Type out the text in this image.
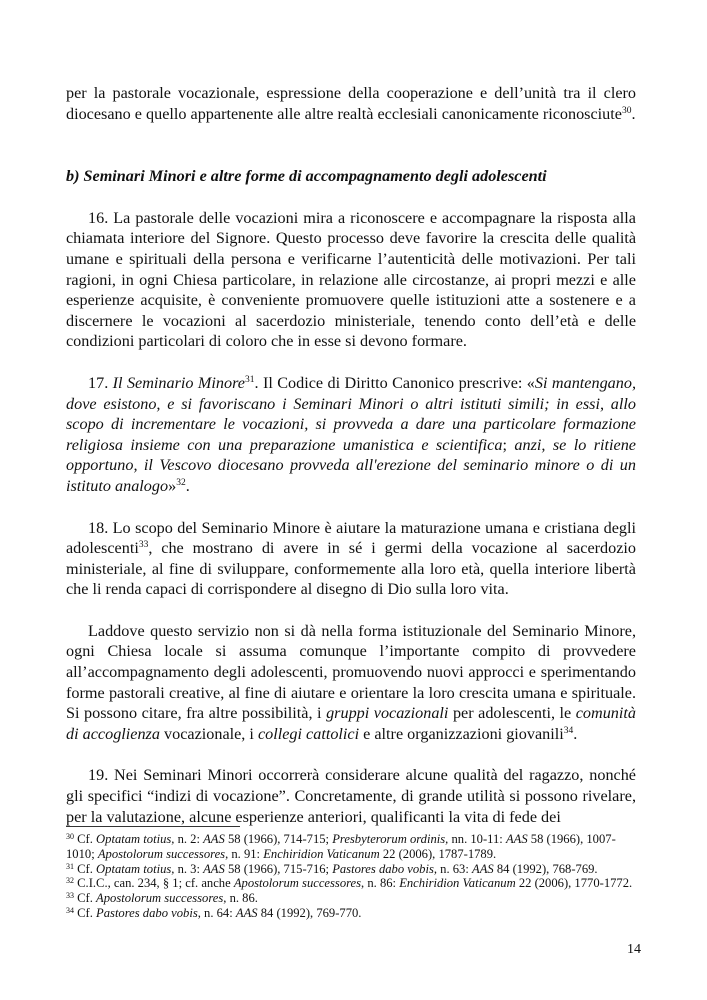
per la pastorale vocazionale, espressione della cooperazione e dell’unità tra il clero diocesano e quello appartenente alle altre realtà ecclesiali canonicamente riconosciute$^{30}$.

b) Seminari Minori e altre forme di accompagnamento degli adolescenti

16. La pastorale delle vocazioni mira a riconoscere e accompagnare la risposta alla chiamata interiore del Signore. Questo processo deve favorire la crescita delle qualità umane e spirituali della persona e verificarne l’autenticità delle motivazioni. Per tali ragioni, in ogni Chiesa particolare, in relazione alle circostanze, ai propri mezzi e alle esperienze acquisite, è conveniente promuovere quelle istituzioni atte a sostenere e a discernere le vocazioni al sacerdozio ministeriale, tenendo conto dell’età e delle condizioni particolari di coloro che in esse si devono formare.

17. Il Seminario Minore$^{31}$. Il Codice di Diritto Canonico prescrive: «Si mantengano, dove esistono, e si favoriscano i Seminari Minori o altri istituti simili; in essi, allo scopo di incrementare le vocazioni, si provveda a dare una particolare formazione religiosa insieme con una preparazione umanistica e scientifica; anzi, se lo ritiene opportuno, il Vescovo diocesano provveda all'erezione del seminario minore o di un istituto analogo»$^{32}$.

18. Lo scopo del Seminario Minore è aiutare la maturazione umana e cristiana degli adolescenti$^{33}$, che mostrano di avere in sé i germi della vocazione al sacerdozio ministeriale, al fine di sviluppare, conformemente alla loro età, quella interiore libertà che li renda capaci di corrispondere al disegno di Dio sulla loro vita.

Laddove questo servizio non si dà nella forma istituzionale del Seminario Minore, ogni Chiesa locale si assuma comunque l’importante compito di provvedere all’accompagnamento degli adolescenti, promuovendo nuovi approcci e sperimentando forme pastorali creative, al fine di aiutare e orientare la loro crescita umana e spirituale. Si possono citare, fra altre possibilità, i gruppi vocazionali per adolescenti, le comunità di accoglienza vocazionale, i collegi cattolici e altre organizzazioni giovanili$^{34}$.

19. Nei Seminari Minori occorrerà considerare alcune qualità del ragazzo, nonché gli specifici “indizi di vocazione”. Concretamente, di grande utilità si possono rivelare, per la valutazione, alcune esperienze anteriori, qualificanti la vita di fede dei

$^{30}$ Cf. Optatam totius, n. 2: AAS 58 (1966), 714-715; Presbyterorum ordinis, nn. 10-11: AAS 58 (1966), 1007-1010; Apostolorum successores, n. 91: Enchiridion Vaticanum 22 (2006), 1787-1789.

$^{31}$ Cf. Optatam totius, n. 3: AAS 58 (1966), 715-716; Pastores dabo vobis, n. 63: AAS 84 (1992), 768-769.

$^{32}$ C.I.C., can. 234, § 1; cf. anche Apostolorum successores, n. 86: Enchiridion Vaticanum 22 (2006), 1770-1772.

$^{33}$ Cf. Apostolorum successores, n. 86.

$^{34}$ Cf. Pastores dabo vobis, n. 64: AAS 84 (1992), 769-770.

14
